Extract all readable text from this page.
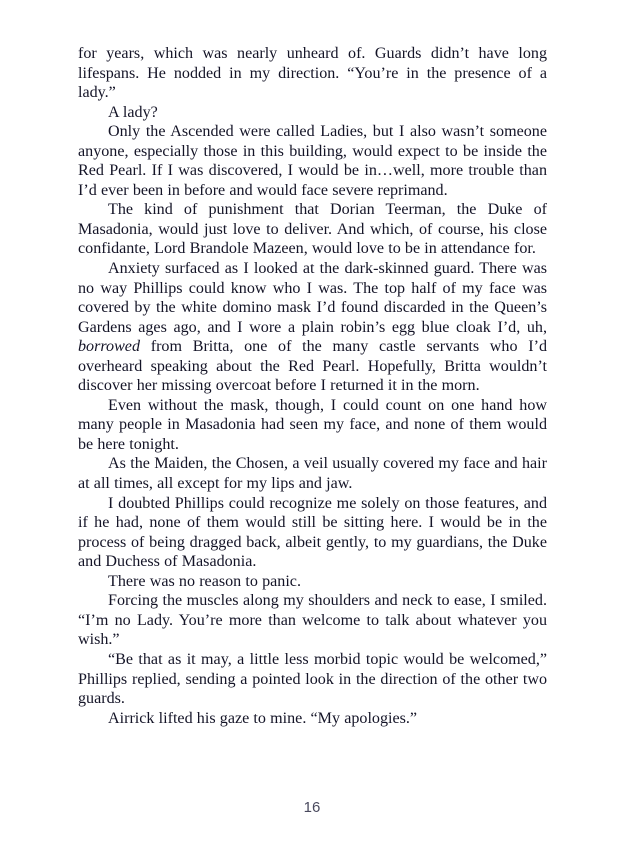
for years, which was nearly unheard of. Guards didn’t have long lifespans. He nodded in my direction. “You’re in the presence of a lady.”

A lady?

Only the Ascended were called Ladies, but I also wasn’t someone anyone, especially those in this building, would expect to be inside the Red Pearl. If I was discovered, I would be in…well, more trouble than I’d ever been in before and would face severe reprimand.

The kind of punishment that Dorian Teerman, the Duke of Masadonia, would just love to deliver. And which, of course, his close confidante, Lord Brandole Mazeen, would love to be in attendance for.

Anxiety surfaced as I looked at the dark-skinned guard. There was no way Phillips could know who I was. The top half of my face was covered by the white domino mask I’d found discarded in the Queen’s Gardens ages ago, and I wore a plain robin’s egg blue cloak I’d, uh, borrowed from Britta, one of the many castle servants who I’d overheard speaking about the Red Pearl. Hopefully, Britta wouldn’t discover her missing overcoat before I returned it in the morn.

Even without the mask, though, I could count on one hand how many people in Masadonia had seen my face, and none of them would be here tonight.

As the Maiden, the Chosen, a veil usually covered my face and hair at all times, all except for my lips and jaw.

I doubted Phillips could recognize me solely on those features, and if he had, none of them would still be sitting here. I would be in the process of being dragged back, albeit gently, to my guardians, the Duke and Duchess of Masadonia.

There was no reason to panic.

Forcing the muscles along my shoulders and neck to ease, I smiled. “I’m no Lady. You’re more than welcome to talk about whatever you wish.”

“Be that as it may, a little less morbid topic would be welcomed,” Phillips replied, sending a pointed look in the direction of the other two guards.

Airrick lifted his gaze to mine. “My apologies.”

16
